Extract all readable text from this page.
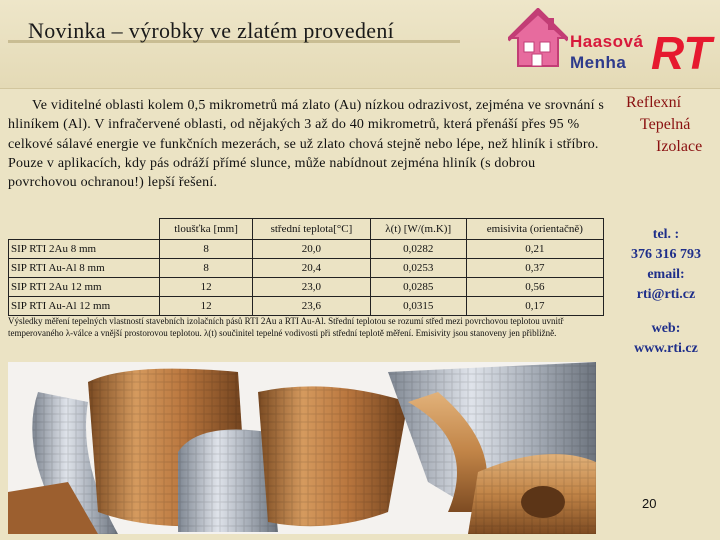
Novinka – výrobky ve zlatém provedení	Haasová
Menha RT
Ve viditelné oblasti kolem 0,5 mikrometrů má zlato (Au) nízkou odrazivost, zejména ve srovnání s hliníkem (Al). V infračervené oblasti, od nějakých 3 až do 40 mikrometrů, která přenáší přes 95 % celkové sálavé energie ve funkčních mezerách, se už zlato chová stejně nebo lépe, než hliník i stříbro. Pouze v aplikacích, kdy pás odráží přímé slunce, může nabídnout zejména hliník (s dobrou povrchovou ochranou!) lepší řešení.
Reflexní
Tepelná
Izolace
tel. :
376 316 793
email:
rti@rti.cz
web:
www.rti.cz
	tloušťka [mm]	střední teplota[°C]	λ(t) [W/(m.K)]	emisivita (orientačně)
SIP RTI 2Au 8 mm	8	20,0	0,0282	0,21
SIP RTI Au-Al 8 mm	8	20,4	0,0253	0,37
SIP RTI 2Au 12 mm	12	23,0	0,0285	0,56
SIP RTI Au-Al 12 mm	12	23,6	0,0315	0,17
Výsledky měření tepelných vlastností stavebních izolačních pásů RTI 2Au a RTI Au-Al. Střední teplotou se rozumí střed mezi povrchovou teplotou uvnitř temperovaného λ-válce a vnější prostorovou teplotou. λ(t) součinitel tepelné vodivosti při střední teplotě měření. Emisivity jsou stanoveny jen přibližně.
20
